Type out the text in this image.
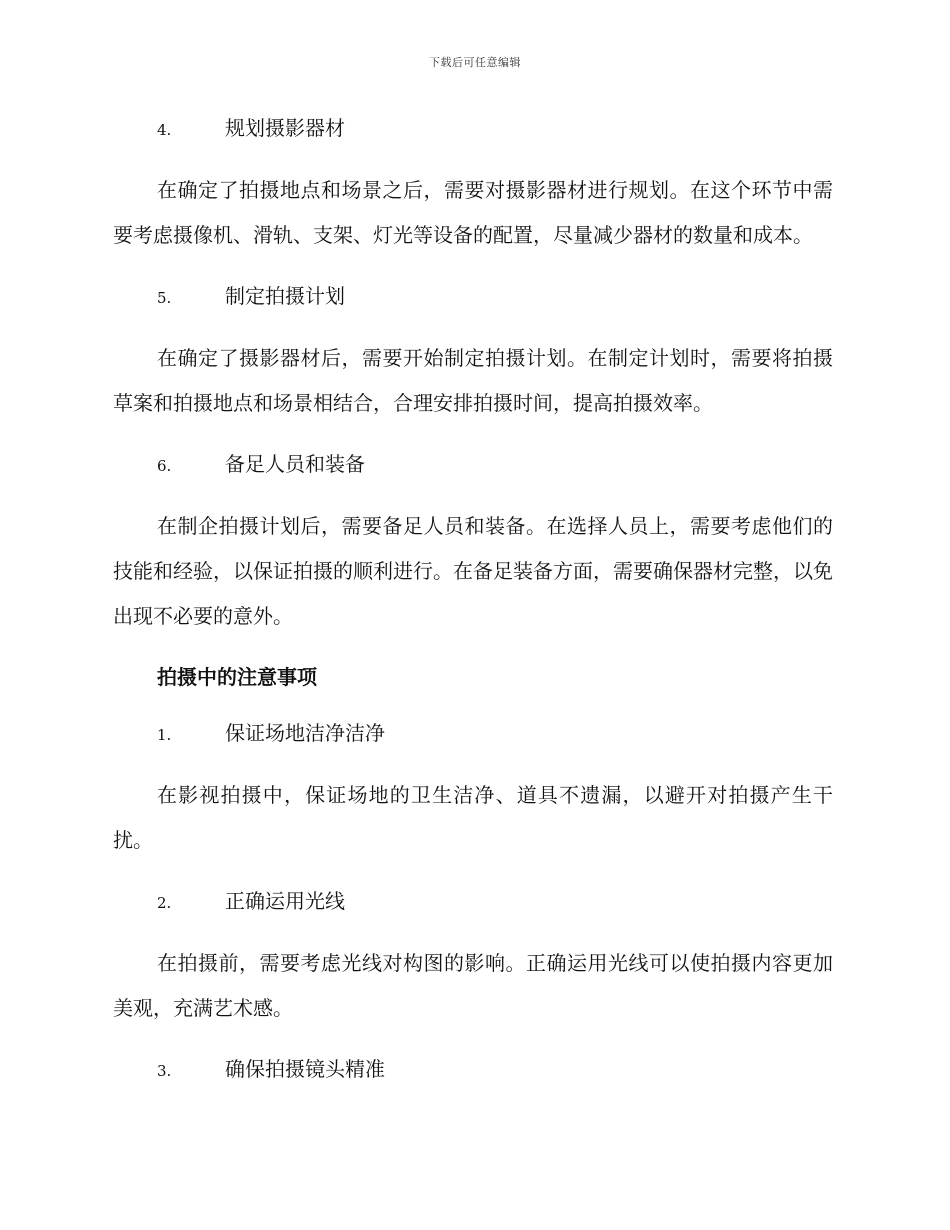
下载后可任意编辑
4.	规划摄影器材

在确定了拍摄地点和场景之后，需要对摄影器材进行规划。在这个环节中需要考虑摄像机、滑轨、支架、灯光等设备的配置，尽量减少器材的数量和成本。

5.	制定拍摄计划

在确定了摄影器材后，需要开始制定拍摄计划。在制定计划时，需要将拍摄草案和拍摄地点和场景相结合，合理安排拍摄时间，提高拍摄效率。

6.	备足人员和装备

在制企拍摄计划后，需要备足人员和装备。在选择人员上，需要考虑他们的技能和经验，以保证拍摄的顺利进行。在备足装备方面，需要确保器材完整，以免出现不必要的意外。

拍摄中的注意事项
1.	保证场地洁净洁净

在影视拍摄中，保证场地的卫生洁净、道具不遗漏，以避开对拍摄产生干扰。

2.	正确运用光线

在拍摄前，需要考虑光线对构图的影响。正确运用光线可以使拍摄内容更加美观，充满艺术感。

3.	确保拍摄镜头精准
